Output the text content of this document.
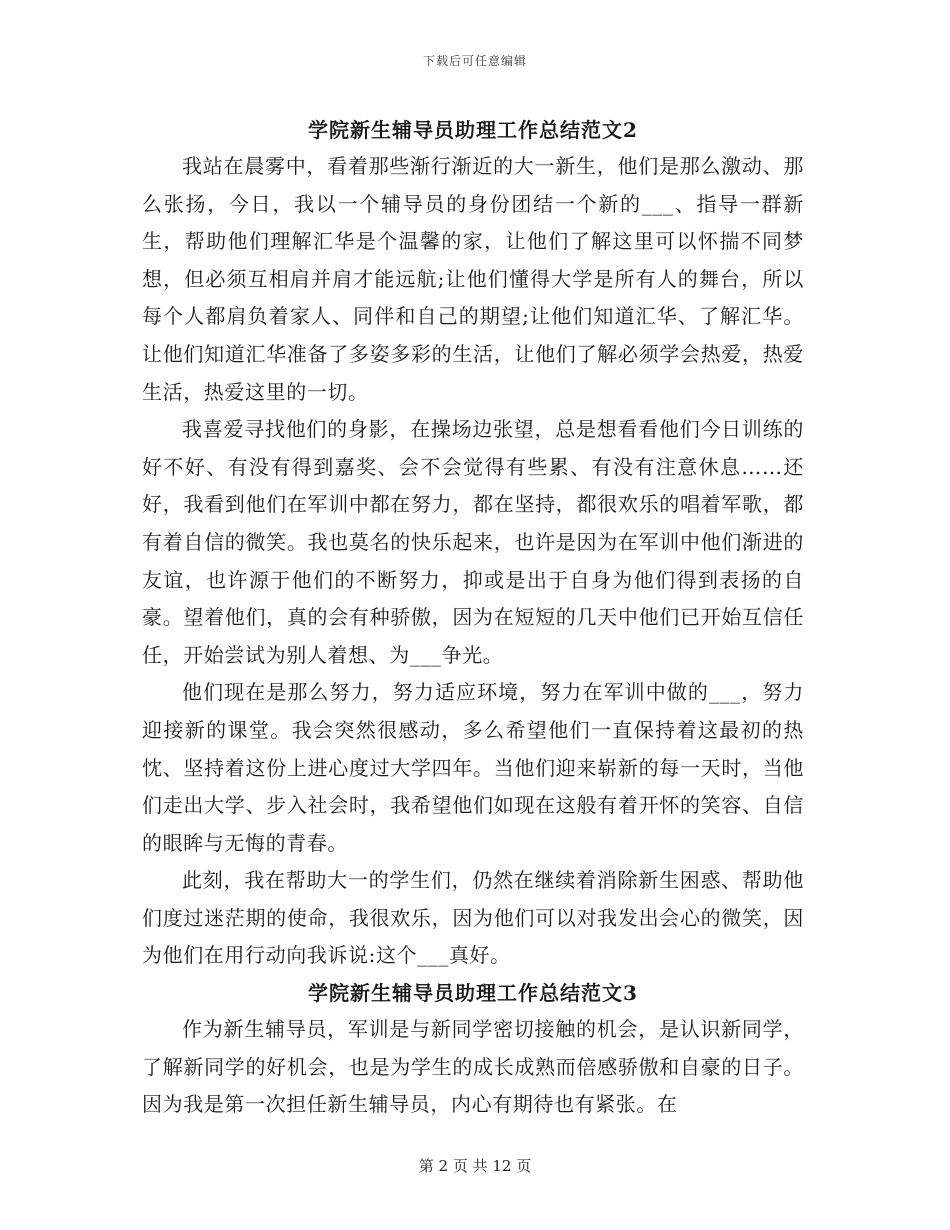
下载后可任意编辑
学院新生辅导员助理工作总结范文2

我站在晨雾中，看着那些渐行渐近的大一新生，他们是那么激动、那么张扬，今日，我以一个辅导员的身份团结一个新的___、指导一群新生，帮助他们理解汇华是个温馨的家，让他们了解这里可以怀揣不同梦想，但必须互相肩并肩才能远航;让他们懂得大学是所有人的舞台，所以每个人都肩负着家人、同伴和自己的期望;让他们知道汇华、了解汇华。让他们知道汇华准备了多姿多彩的生活，让他们了解必须学会热爱，热爱生活，热爱这里的一切。

我喜爱寻找他们的身影，在操场边张望，总是想看看他们今日训练的好不好、有没有得到嘉奖、会不会觉得有些累、有没有注意休息……还好，我看到他们在军训中都在努力，都在坚持，都很欢乐的唱着军歌，都有着自信的微笑。我也莫名的快乐起来，也许是因为在军训中他们渐进的友谊，也许源于他们的不断努力，抑或是出于自身为他们得到表扬的自豪。望着他们，真的会有种骄傲，因为在短短的几天中他们已开始互信任任，开始尝试为别人着想、为___争光。

他们现在是那么努力，努力适应环境，努力在军训中做的___，努力迎接新的课堂。我会突然很感动，多么希望他们一直保持着这最初的热忱、坚持着这份上进心度过大学四年。当他们迎来崭新的每一天时，当他们走出大学、步入社会时，我希望他们如现在这般有着开怀的笑容、自信的眼眸与无悔的青春。

此刻，我在帮助大一的学生们，仍然在继续着消除新生困惑、帮助他们度过迷茫期的使命，我很欢乐，因为他们可以对我发出会心的微笑，因为他们在用行动向我诉说:这个___真好。

学院新生辅导员助理工作总结范文3

作为新生辅导员，军训是与新同学密切接触的机会，是认识新同学，了解新同学的好机会，也是为学生的成长成熟而倍感骄傲和自豪的日子。因为我是第一次担任新生辅导员，内心有期待也有紧张。在

第 2 页 共 12 页
